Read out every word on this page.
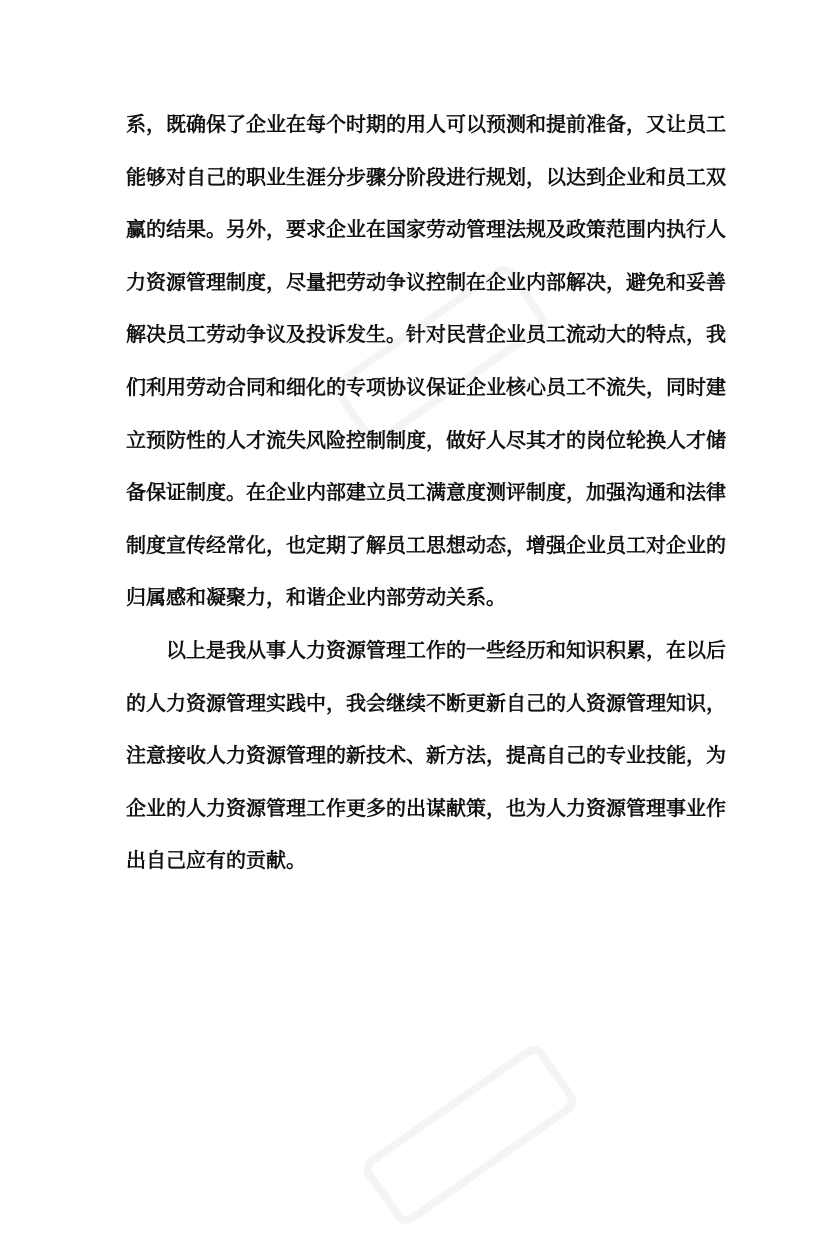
系，既确保了企业在每个时期的用人可以预测和提前准备，又让员工
能够对自己的职业生涯分步骤分阶段进行规划，以达到企业和员工双
赢的结果。另外，要求企业在国家劳动管理法规及政策范围内执行人
力资源管理制度，尽量把劳动争议控制在企业内部解决，避免和妥善
解决员工劳动争议及投诉发生。针对民营企业员工流动大的特点，我
们利用劳动合同和细化的专项协议保证企业核心员工不流失，同时建
立预防性的人才流失风险控制制度，做好人尽其才的岗位轮换人才储
备保证制度。在企业内部建立员工满意度测评制度，加强沟通和法律
制度宣传经常化，也定期了解员工思想动态，增强企业员工对企业的
归属感和凝聚力，和谐企业内部劳动关系。
以上是我从事人力资源管理工作的一些经历和知识积累，在以后
的人力资源管理实践中，我会继续不断更新自己的人资源管理知识，
注意接收人力资源管理的新技术、新方法，提高自己的专业技能，为
企业的人力资源管理工作更多的出谋献策，也为人力资源管理事业作
出自己应有的贡献。
